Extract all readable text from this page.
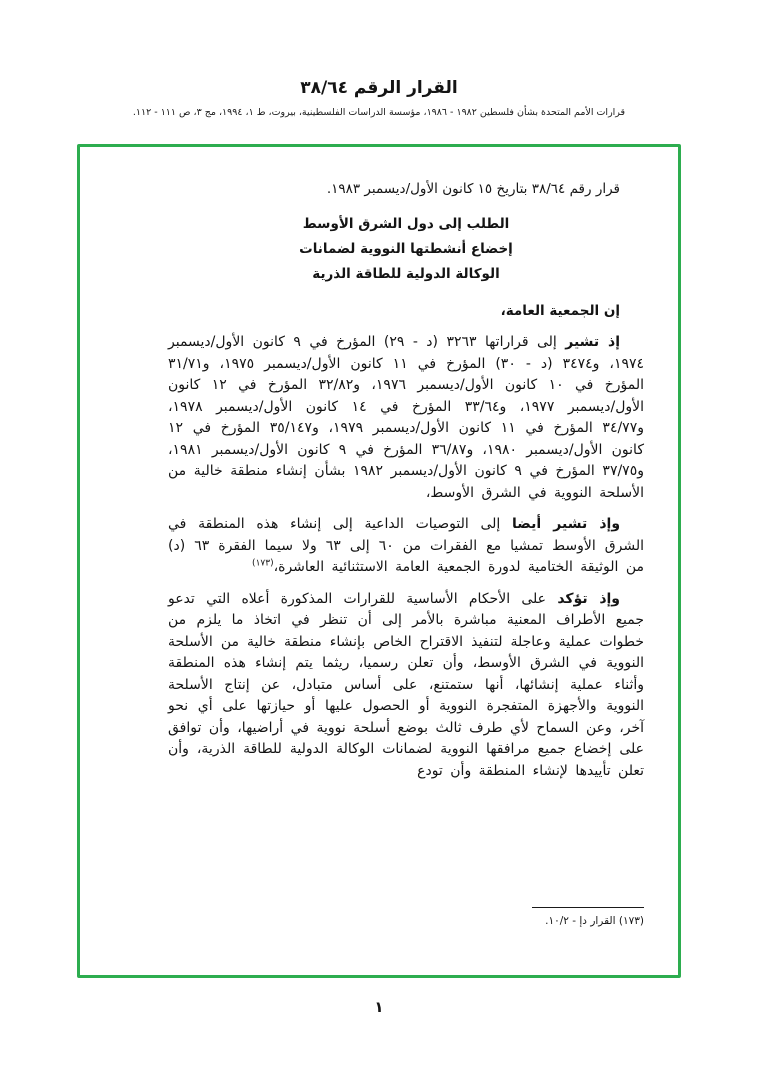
القرار الرقم ٣٨/٦٤
قرارات الأمم المتحدة بشأن فلسطين ١٩٨٢ - ١٩٨٦، مؤسسة الدراسات الفلسطينية، بيروت، ط ١، ١٩٩٤، مج ٣، ص ١١١ - ١١٢.

قرار رقم ٣٨/٦٤ بتاريخ ١٥ كانون الأول/ديسمبر ١٩٨٣.

الطلب إلى دول الشرق الأوسط
إخضاع أنشطتها النووية لضمانات
الوكالة الدولية للطاقة الذرية

إن الجمعية العامة،

إذ تشير إلى قراراتها ٣٢٦٣ (د - ٢٩) المؤرخ في ٩ كانون الأول/ديسمبر ١٩٧٤، و٣٤٧٤ (د - ٣٠) المؤرخ في ١١ كانون الأول/ديسمبر ١٩٧٥، و٣١/٧١ المؤرخ في ١٠ كانون الأول/ديسمبر ١٩٧٦، و٣٢/٨٢ المؤرخ في ١٢ كانون الأول/ديسمبر ١٩٧٧، و٣٣/٦٤ المؤرخ في ١٤ كانون الأول/ديسمبر ١٩٧٨، و٣٤/٧٧ المؤرخ في ١١ كانون الأول/ديسمبر ١٩٧٩، و٣٥/١٤٧ المؤرخ في ١٢ كانون الأول/ديسمبر ١٩٨٠، و٣٦/٨٧ المؤرخ في ٩ كانون الأول/ديسمبر ١٩٨١، و٣٧/٧٥ المؤرخ في ٩ كانون الأول/ديسمبر ١٩٨٢ بشأن إنشاء منطقة خالية من الأسلحة النووية في الشرق الأوسط،

وإذ تشير أيضا إلى التوصيات الداعية إلى إنشاء هذه المنطقة في الشرق الأوسط تمشيا مع الفقرات من ٦٠ إلى ٦٣ ولا سيما الفقرة ٦٣ (د) من الوثيقة الختامية لدورة الجمعية العامة الاستثنائية العاشرة،$^{(١٧٣)}$

وإذ تؤكد على الأحكام الأساسية للقرارات المذكورة أعلاه التي تدعو جميع الأطراف المعنية مباشرة بالأمر إلى أن تنظر في اتخاذ ما يلزم من خطوات عملية وعاجلة لتنفيذ الاقتراح الخاص بإنشاء منطقة خالية من الأسلحة النووية في الشرق الأوسط، وأن تعلن رسميا، ريثما يتم إنشاء هذه المنطقة وأثناء عملية إنشائها، أنها ستمتنع، على أساس متبادل، عن إنتاج الأسلحة النووية والأجهزة المتفجرة النووية أو الحصول عليها أو حيازتها على أي نحو آخر، وعن السماح لأي طرف ثالث بوضع أسلحة نووية في أراضيها، وأن توافق على إخضاع جميع مرافقها النووية لضمانات الوكالة الدولية للطاقة الذرية، وأن تعلن تأييدها لإنشاء المنطقة وأن تودع

(١٧٣) القرار دإ - ١٠/٢.
١
